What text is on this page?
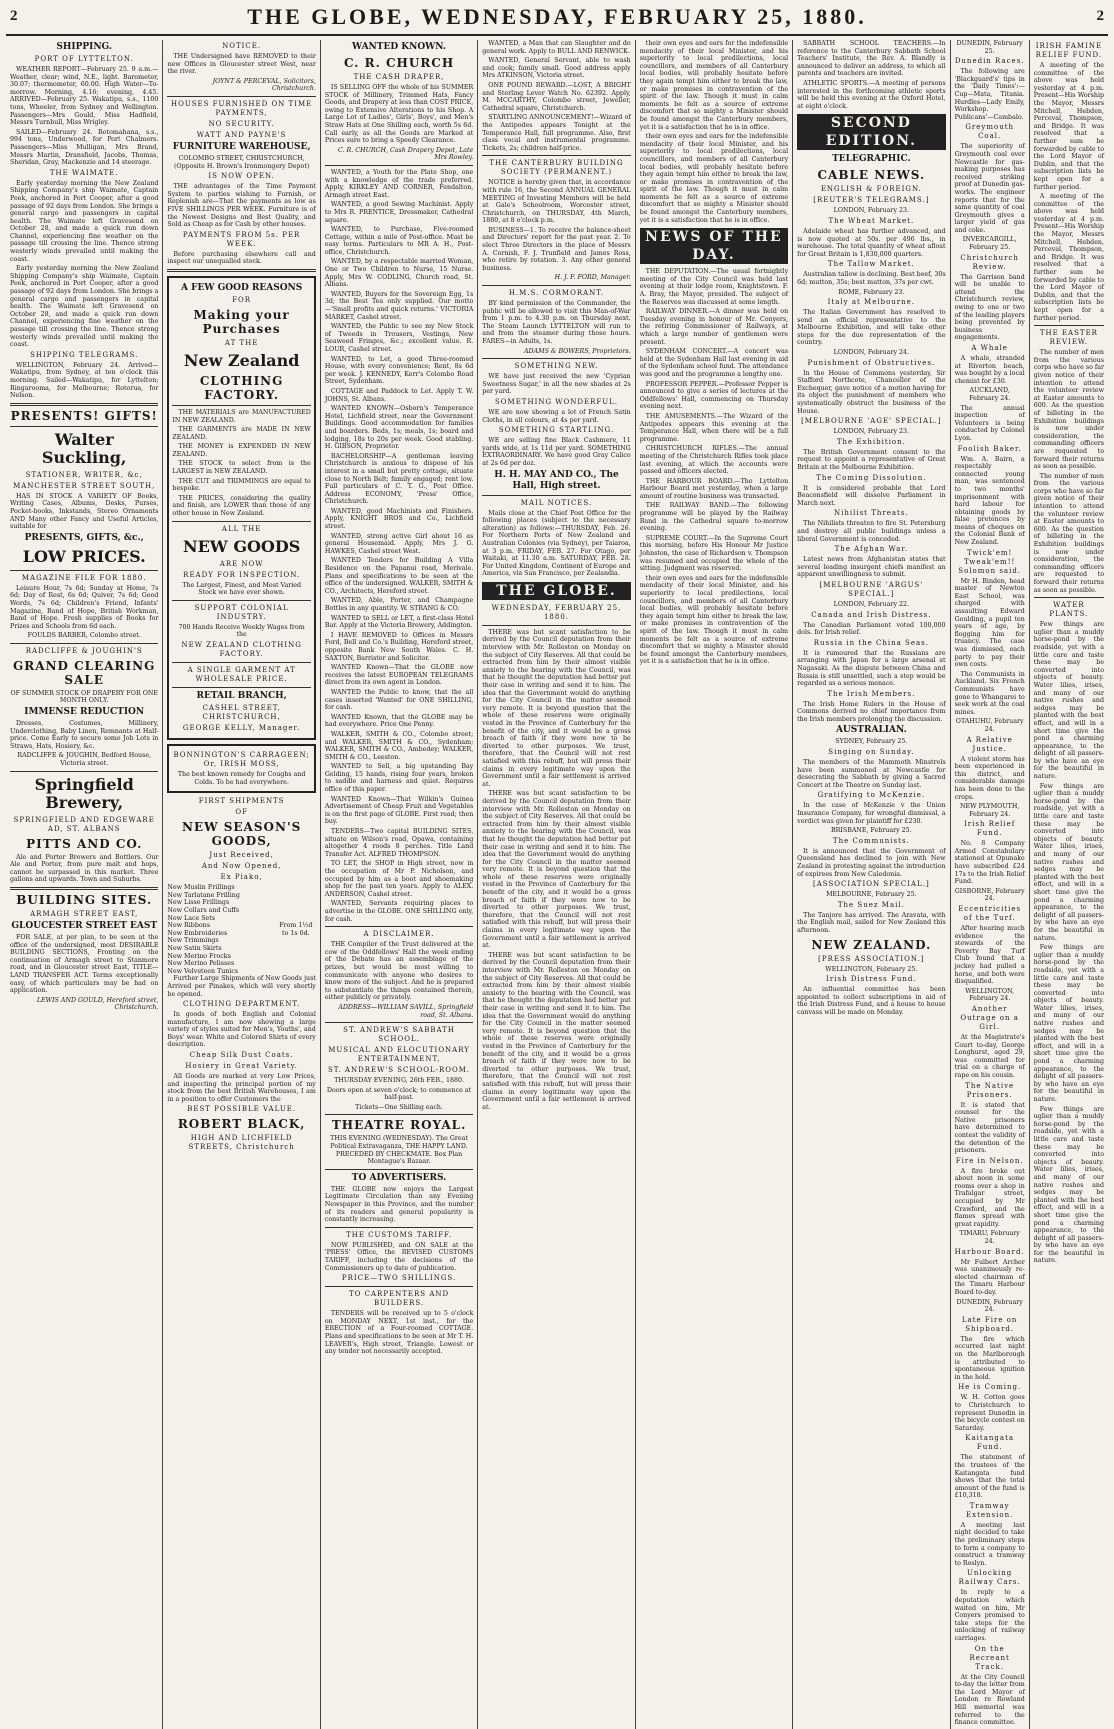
2	THE GLOBE, WEDNESDAY, FEBRUARY 25, 1880.	2
SHIPPING.
PORT OF LYTTELTON.

WEATHER REPORT—February 25. 9 a.m.—Weather, clear; wind, N.E., light. Barometer, 30.07; thermometer, 60.00. High Water—To-morrow. Morning, 4.16; evening, 4.45. ARRIVED—February 25. Wakatipu, s.s., 1100 tons, Wheeler, from Sydney and Wellington. Passengers—Mrs Gould, Miss Hadfield, Messrs Turnbull, Miss Wrigley.

SAILED—February 24. Rotomahana, s.s., 994 tons, Underwood, for Port Chalmers. Passengers—Miss Mulligan, Mrs Brand, Messrs Martin, Dransfield, Jacobs, Thomas, Sheridan, Gray, Mackenzie and 14 steerage.

THE WAIMATE.

Early yesterday morning the New Zealand Shipping Company's ship Waimate, Captain Peek, anchored in Port Cooper, after a good passage of 92 days from London. She brings a general cargo and passengers in capital health. The Waimate left Gravesend on October 28, and made a quick run down Channel, experiencing fine weather on the passage till crossing the line. Thence strong westerly winds prevailed until making the coast.

Early yesterday morning the New Zealand Shipping Company's ship Waimate, Captain Peek, anchored in Port Cooper, after a good passage of 92 days from London. She brings a general cargo and passengers in capital health. The Waimate left Gravesend on October 28, and made a quick run down Channel, experiencing fine weather on the passage till crossing the line. Thence strong westerly winds prevailed until making the coast.

SHIPPING TELEGRAMS.

WELLINGTON, February 24. Arrived—Wakatipu, from Sydney, at ten o'clock this morning. Sailed—Wakatipu, for Lyttelton; Ringarooma, for Melbourne; Rotorua, for Nelson.

PRESENTS! GIFTS!
Walter Suckling,
STATIONER, WRITER, &c,
MANCHESTER STREET SOUTH,

HAS IN STOCK A VARIETY OF Books, Writing Cases, Albums, Desks, Purses, Pocket-books, Inkstands, Stereo Ornaments AND Many other Fancy and Useful Articles, suitable for

PRESENTS, GIFTS, &c.,
LOW PRICES.
MAGAZINE FILE FOR 1880.

Leisure Hour, 7s 6d; Sunday at Home, 7s 6d; Day of Rest, 6s 6d; Quiver, 7s 6d; Good Words, 7s 6d; Children's Friend, Infants' Magazine, Band of Hope, British Workman, Band of Hope. Fresh supplies of Books for Prizes and Schools from 6d each.

FOULDS BARBER, Colombo street.

RADCLIFFE & JOUGHIN'S
GRAND CLEARING SALE

OF SUMMER STOCK OF DRAPERY FOR ONE MONTH ONLY.

IMMENSE REDUCTION

Dresses, Costumes, Millinery, Underclothing, Baby Linen, Remnants at Half-price. Come Early to secure some Job Lots in Straws, Hats, Hosiery, &c.

RADCLIFFE & JOUGHIN, Bedford House, Victoria street.

Springfield Brewery,
SPRINGFIELD AND EDGEWARE AD, ST. ALBANS
PITTS AND CO.

Ale and Porter Brewers and Bottlers. Our Ale and Porter, from pure malt and hops, cannot be surpassed in this market. Three gallons and upwards. Town and Suburbs.

BUILDING SITES.
ARMAGH STREET EAST,
GLOUCESTER STREET EAST

FOR SALE, at per plan, to be seen at the office of the undersigned, most DESIRABLE BUILDING SECTIONS, Fronting on the continuation of Armagh street to Stanmore road, and in Gloucester street East, TITLE—LAND TRANSFER ACT. Terms exceptionally easy, of which particulars may be had on application.

LEWIS AND GOULD, Hereford street, Christchurch.

NOTICE.

THE Undersigned have REMOVED to their new Offices in Gloucester street West, near the river.

JOYNT & PERCEVAL, Solicitors, Christchurch.

HOUSES FURNISHED ON TIME PAYMENTS,
NO SECURITY.
WATT AND PAYNE'S
FURNITURE WAREHOUSE,

COLOMBO STREET, CHRISTCHURCH, (Opposite H. Brown's Ironmongery Depot)

IS NOW OPEN.

THE advantages of the Time Payment System to parties wishing to Furnish, or Replenish are—That the payments as low as FIVE SHILLINGS PER WEEK. Furniture is of the Newest Designs and Best Quality, and Sold as Cheap as for Cash by other houses.

PAYMENTS FROM 5s. PER WEEK.

Before purchasing elsewhere call and inspect our unequalled stock.

A FEW GOOD REASONS
FOR
Making your Purchases
AT THE
New Zealand
CLOTHING FACTORY.

THE MATERIALS are MANUFACTURED IN NEW ZEALAND.

THE GARMENTS are MADE IN NEW ZEALAND.

THE MONEY is EXPENDED IN NEW ZEALAND.

THE STOCK to select from is the LARGEST in NEW ZEALAND.

THE CUT and TRIMMINGS are equal to bespoke.

THE PRICES, considering the quality and finish, are LOWER than those of any other house in New Zealand.

ALL THE
NEW GOODS
ARE NOW
READY FOR INSPECTION.

The Largest, Finest, and Most Varied Stock we have ever shown.

SUPPORT COLONIAL INDUSTRY.

700 Hands Receive Weekly Wages from the

NEW ZEALAND CLOTHING FACTORY.
A SINGLE GARMENT AT WHOLESALE PRICE.
RETAIL BRANCH,
CASHEL STREET, CHRISTCHURCH,
GEORGE KELLY, Manager.
BONNINGTON'S CARRAGEEN; Or, IRISH MOSS,

The best known remedy for Coughs and Colds. To be had everywhere.

FIRST SHIPMENTS
OF
NEW SEASON'S GOODS,
Just Received,
And Now Opened,
Ex Piako,
New Muslin Frillings
New Tarlatane Frilling
New Lisse Frillings
New Collars and Cuffs
New Lace Sets
New Ribbons
New Embroideries
New Trimmings
New Satin Skirts
New Merino Frocks
New Merino Pelisses
New Velveteen Tunics
From 1½d to 1s 6d.

Further Large Shipments of New Goods just Arrived per Pinakes, which will very shortly be opened.

CLOTHING DEPARTMENT.

In goods of both English and Colonial manufacture, I am now showing a large variety of styles suited for Men's, Youths', and Boys' wear. White and Colored Shirts of every description.

Cheap Silk Dust Coats.
Hosiery in Great Variety.

All Goods are marked at very Low Prices, and inspecting the principal portion of my stock from the best British Warehouses, I am in a position to offer Customers the

BEST POSSIBLE VALUE.
ROBERT BLACK,
HIGH AND LICHFIELD STREETS, Christchurch
WANTED KNOWN.
C. R. CHURCH
THE CASH DRAPER,

IS SELLING OFF the whole of his SUMMER STOCK of Millinery, Trimmed Hats, Fancy Goods, and Drapery at less than COST PRICE, owing to Extensive Alterations to his Shop. A Large Lot of Ladies', Girls', Boys', and Men's Straw Hats at One Shilling each, worth 5s 6d. Call early, as all the Goods are Marked at Prices sure to bring a Speedy Clearance.

C. R. CHURCH, Cash Drapery Depot, Late Mrs Rowley.

WANTED, a Youth for the Plate Shop, one with a knowledge of the trade preferred. Apply, KIRKLEY AND CORNER, Fendalton, Armagh street East.

WANTED, a good Sewing Machinist. Apply to Mrs R. PRENTICE, Dressmaker, Cathedral square.

WANTED, to Purchase, Five-roomed Cottage, within a mile of Post-office. Must be easy terms. Particulars to MR A. H., Post-office, Christchurch.

WANTED, by a respectable married Woman, One or Two Children to Nurse, 15 Nurse. Apply, Mrs W. CODLING, Church road, St. Albans.

WANTED, Buyers for the Sovereign Egg, 1s 3d; the Best Tea only supplied. Our motto—'Small profits and quick returns.' VICTORIA MARKET, Cashel street.

WANTED, the Public to see my New Stock of Tweeds in Trousers, Vestings, New Seaweed Fringes, &c.; excellent value. R. LOUR, Cashel street.

WANTED, to Let, a good Three-roomed House, with every convenience; Rent, 8s 6d per week. J. KENNEDY, Kerr's Colombo Road Street, Sydenham.

COTTAGE and Paddock to Let. Apply T. W. JOHNS, St. Albans.

WANTED KNOWN—Osborn's Temperance Hotel, Lichfield street, near the Government Buildings. Good accommodation for families and boarders. Beds, 1s; meals, 1s; board and lodging, 18s to 20s per week. Good stabling. H. GIBSON, Proprietor.

BACHELORSHIP—A gentleman leaving Christchurch is anxious to dispose of his interest in a small but pretty cottage, situate close to North Belt; family engaged; rent low. Full particulars of C. T. G., Post Office. Address ECONOMY, 'Press' Office, Christchurch.

WANTED, good Machinists and Finishers. Apply, KNIGHT BROS and Co., Lichfield street.

WANTED, strong active Girl about 16 as general Housemaid. Apply, Mrs J. G. HAWKES, Cashel street West.

WANTED Tenders for Building A Villa Residence on the Papanui road, Merivale. Plans and specifications to be seen at the office of the undersigned. WALKER, SMITH & CO., Architects, Hereford street.

WANTED, Able, Porter, and Champagne Bottles in any quantity. W. STRANG & CO.

WANTED to SELL or LET, a first-class Hotel Bar. Apply at the Victoria Brewery, Addington.

I HAVE REMOVED to Offices in Messrs Ford, Bell and Co.'s Building, Hereford street, opposite Bank New South Wales. C. H. SAXTON, Barrister and Solicitor.

WANTED Known—That the GLOBE now receives the latest EUROPEAN TELEGRAMS direct from its own agent in London.

WANTED the Public to know, that the all cases inserted 'Wanted' for ONE SHILLING, for cash.

WANTED Known, that the GLOBE may be had everywhere. Price One Penny.

WALKER, SMITH & CO., Colombo street; and WALKER, SMITH & CO., Sydenham; WALKER, SMITH & CO., Ambedey; WALKER, SMITH & CO., Leeston.

WANTED to Sell, a big upstanding Bay Gelding, 15 hands, rising four years, broken to saddle and harness and quiet. Requires office of this paper.

WANTED Known—That Wilkin's Guinea Advertisement of Cheap Fruit and Vegetables is on the first page of GLOBE. First read; then buy.

TENDERS—Two capital BUILDING SITES, situate on Wilson's road, Opawa, containing altogether 4 roods 8 perches. Title Land Transfer Act. ALFRED THOMPSON.

TO LET, the SHOP in High street, now in the occupation of Mr P. Nicholson, and occupied by him as a boot and shoemaking shop for the past ten years. Apply to ALEX. ANDERSON, Cashel street.

WANTED, Servants requiring places to advertise in the GLOBE. ONE SHILLING only, for cash.

A DISCLAIMER.

THE Compiler of the Trust delivered at the cow of the Oddfellows' Hall the week ending of the Debate has an assemblage of the prizes, but would be most willing to communicate with anyone who desires to know more of the subject. And he is prepared to substantiate the things contained therein, either publicly or privately.

ADDRESS—WILLIAM SAVILL, Springfield road, St. Albans.

ST. ANDREW'S SABBATH SCHOOL.
MUSICAL AND ELOCUTIONARY ENTERTAINMENT,
ST. ANDREW'S SCHOOL-ROOM.

THURSDAY EVENING, 26th FEB., 1880.

Doors open at seven o'clock; to commence at half-past.

Tickets—One Shilling each.

THEATRE ROYAL.

THIS EVENING (WEDNESDAY). The Great Political Extravaganza, THE HAPPY LAND. PRECEDED BY CHECKMATE. Box Plan Montague's Bazaar.

TO ADVERTISERS.

THE GLOBE now enjoys the Largest Legitimate Circulation than any Evening Newspaper in this Province, and the number of its readers and general popularity is constantly increasing.

THE CUSTOMS TARIFF.

NOW PUBLISHED, and ON SALE at the 'PRESS' Office, the REVISED CUSTOMS TARIFF, including the decisions of the Commissioners up to date of publication.

PRICE—TWO SHILLINGS.
TO CARPENTERS AND BUILDERS.

TENDERS will be received up to 5 o'clock on MONDAY NEXT, 1st inst., for the ERECTION of a Four-roomed COTTAGE. Plans and specifications to be seen at Mr T. H. LEAVER's, High street, Triangle. Lowest or any tender not necessarily accepted.

WANTED, a Man that can Slaughter and do general work. Apply to BULL AND RENWICK.

WANTED, General Servant, able to wash and cook; family small. Good address apply Mrs ATKINSON, Victoria street.

ONE POUND REWARD.—LOST, A BRIGHT and Sterling Lever Watch No. 62392. Apply, M. MCCARTHY, Colombo street, Jeweller, Cathedral square, Christchurch.

STARTLING ANNOUNCEMENT!—Wizard of the Antipodes appears Tonight at the Temperance Hall, full programme. Also, first class vocal and instrumental programme. Tickets, 2s; children half-price.

THE CANTERBURY BUILDING SOCIETY (PERMANENT.)

NOTICE is hereby given that, in accordance with rule 16, the Second ANNUAL GENERAL MEETING of Investing Members will be held at Gale's Schoolroom, Worcester street, Christchurch, on THURSDAY, 4th March, 1880, at 8 o'clock p.m.

BUSINESS—1. To receive the balance-sheet and Directors' report for the past year. 2. To elect Three Directors in the place of Messrs A. Cornish, F. J. Trunfield and James Ross, who retire by rotation. 3. Any other general business.

H. J. F. FORD, Manager.

H.M.S. CORMORANT.

BY kind permission of the Commander, the public will be allowed to visit this Man-of-War from 1 p.m. to 4.30 p.m. on Thursday next. The Steam Launch LYTTELTON will run to and from the steamer during those hours. FARES—in Adults, 1s.

ADAMS & BOWERS, Proprietors.

SOMETHING NEW.

WE have just received the new 'Cyprian Sweetness Sugar,' in all the new shades at 2s per yard.

SOMETHING WONDERFUL.

WE are now showing a lot of French Satin Cloths, in all colours, at 4s per yard.

SOMETHING STARTLING.

WE are selling fine Black Cashmere, 11 yards wide, at 1s 11d per yard. SOMETHING EXTRAORDINARY. We have good Gray Calico at 2s 6d per doz.

H. H. MAY AND CO., The Hall, High street.
MAIL NOTICES.

Mails close at the Chief Post Office for the following places (subject to the necessary alteration) as follows:—THURSDAY, Feb. 26. For Northern Ports of New Zealand and Australian Colonies (via Sydney), per Taiaroa, at 3 p.m. FRIDAY, FEB. 27. For Otago, per Waitaki, at 11.30 a.m. SATURDAY, FEB. 28. For United Kingdom, Continent of Europe and America, via San Francisco, per Zealandia.

THE GLOBE.
WEDNESDAY, FEBRUARY 25, 1880.

THERE was but scant satisfaction to be derived by the Council deputation from their interview with Mr. Rolleston on Monday on the subject of City Reserves. All that could be extracted from him by their almost visible anxiety to the hearing with the Council, was that he thought the deputation had better put their case in writing and send it to him. The idea that the Government would do anything for the City Council in the matter seemed very remote. It is beyond question that the whole of these reserves were originally vested in the Province of Canterbury for the benefit of the city, and it would be a gross breach of faith if they were now to be diverted to other purposes. We trust, therefore, that the Council will not rest satisfied with this rebuff, but will press their claims in every legitimate way upon the Government until a fair settlement is arrived at.

THERE was but scant satisfaction to be derived by the Council deputation from their interview with Mr. Rolleston on Monday on the subject of City Reserves. All that could be extracted from him by their almost visible anxiety to the hearing with the Council, was that he thought the deputation had better put their case in writing and send it to him. The idea that the Government would do anything for the City Council in the matter seemed very remote. It is beyond question that the whole of these reserves were originally vested in the Province of Canterbury for the benefit of the city, and it would be a gross breach of faith if they were now to be diverted to other purposes. We trust, therefore, that the Council will not rest satisfied with this rebuff, but will press their claims in every legitimate way upon the Government until a fair settlement is arrived at.

THERE was but scant satisfaction to be derived by the Council deputation from their interview with Mr. Rolleston on Monday on the subject of City Reserves. All that could be extracted from him by their almost visible anxiety to the hearing with the Council, was that he thought the deputation had better put their case in writing and send it to him. The idea that the Government would do anything for the City Council in the matter seemed very remote. It is beyond question that the whole of these reserves were originally vested in the Province of Canterbury for the benefit of the city, and it would be a gross breach of faith if they were now to be diverted to other purposes. We trust, therefore, that the Council will not rest satisfied with this rebuff, but will press their claims in every legitimate way upon the Government until a fair settlement is arrived at.

their own eyes and ears for the indefensible mendacity of their local Minister, and his superiority to local predilections, local councillors, and members of all Canterbury local bodies, will probably hesitate before they again tempt him either to break the law, or make promises in contravention of the spirit of the law. Though it must in calm moments be felt as a source of extreme discomfort that so mighty a Minister should be found amongst the Canterbury members, yet it is a satisfaction that he is in office.

their own eyes and ears for the indefensible mendacity of their local Minister, and his superiority to local predilections, local councillors, and members of all Canterbury local bodies, will probably hesitate before they again tempt him either to break the law, or make promises in contravention of the spirit of the law. Though it must in calm moments be felt as a source of extreme discomfort that so mighty a Minister should be found amongst the Canterbury members, yet it is a satisfaction that he is in office.

NEWS OF THE DAY.

THE DEPUTATION.—The usual fortnightly meeting of the City Council was held last evening at their lodge room, Knightstown. F. A. Bray, the Mayor, presided. The subject of the Reserves was discussed at some length.

RAILWAY DINNER.—A dinner was held on Tuesday evening in honour of Mr. Conyers, the retiring Commissioner of Railways, at which a large number of gentlemen were present.

SYDENHAM CONCERT.—A concert was held at the Sydenham Hall last evening in aid of the Sydenham school fund. The attendance was good and the programme a lengthy one.

PROFESSOR PEPPER.—Professor Pepper is announced to give a series of lectures at the Oddfellows' Hall, commencing on Thursday evening next.

THE AMUSEMENTS.—The Wizard of the Antipodes appears this evening at the Temperance Hall, when there will be a full programme.

CHRISTCHURCH RIFLES.—The annual meeting of the Christchurch Rifles took place last evening, at which the accounts were passed and officers elected.

THE HARBOUR BOARD.—The Lyttelton Harbour Board met yesterday, when a large amount of routine business was transacted.

THE RAILWAY BAND.—The following programme will be played by the Railway Band in the Cathedral square to-morrow evening.

SUPREME COURT.—In the Supreme Court this morning, before His Honour Mr Justice Johnston, the case of Richardson v. Thompson was resumed and occupied the whole of the sitting. Judgment was reserved.

their own eyes and ears for the indefensible mendacity of their local Minister, and his superiority to local predilections, local councillors, and members of all Canterbury local bodies, will probably hesitate before they again tempt him either to break the law, or make promises in contravention of the spirit of the law. Though it must in calm moments be felt as a source of extreme discomfort that so mighty a Minister should be found amongst the Canterbury members, yet it is a satisfaction that he is in office.

SABBATH SCHOOL TEACHERS.—In reference to the Canterbury Sabbath School Teachers' Institute, the Rev. A. Blandly is announced to deliver an address, to which all parents and teachers are invited.

ATHLETIC SPORTS.—A meeting of persons interested in the forthcoming athletic sports will be held this evening at the Oxford Hotel, at eight o'clock.

SECOND EDITION.
TELEGRAPHIC.
CABLE NEWS.
ENGLISH & FOREIGN.
[REUTER'S TELEGRAMS.]

LONDON, February 23.

The Wheat Market.

Adelaide wheat has further advanced, and is now quoted at 50s. per 496 lbs., in warehouse. The total quantity of wheat afloat for Great Britain is 1,830,000 quarters.

The Tallow Market.

Australian tallow is declining. Best beef, 30s 6d; mutton, 35s; best mutton, 37s per cwt.

ROME, February 23.

Italy at Melbourne.

The Italian Government has resolved to send an official representative to the Melbourne Exhibition, and will take other steps for the due representation of the country.

LONDON, February 24.

Punishment of Obstructives.

In the House of Commons yesterday, Sir Stafford Northcote, Chancellor of the Exchequer, gave notice of a motion having for its object the punishment of members who systematically obstruct the business of the House.

[MELBOURNE 'AGE' SPECIAL.]

LONDON, February 23.

The Exhibition.

The British Government consent to the request to appoint a representative of Great Britain at the Melbourne Exhibition.

The Coming Dissolution.

It is considered probable that Lord Beaconsfield will dissolve Parliament in March next.

Nihilist Threats.

The Nihilists threaten to fire St. Petersburg and destroy all public buildings unless a liberal Government is conceded.

The Afghan War.

Latest news from Afghanistan states that several leading insurgent chiefs manifest an apparent unwillingness to submit.

[MELBOURNE 'ARGUS' SPECIAL.]

LONDON, February 22.

Canada and Irish Distress.

The Canadian Parliament voted 100,000 dols. for Irish relief.

Russia in the China Seas.

It is rumoured that the Russians are arranging with Japan for a large arsenal at Nagasaki. As the dispute between China and Russia is still unsettled, such a step would be regarded as a serious menace.

The Irish Members.

The Irish Home Rulers in the House of Commons derived no chief importance from the Irish members prolonging the discussion.

AUSTRALIAN.

SYDNEY, February 25.

Singing on Sunday.

The members of the Mammoth Minstrels have been summoned at Newcastle for desecrating the Sabbath by giving a Sacred Concert at the Theatre on Sunday last.

Gratifying to McKenzie.

In the case of McKenzie v the Union Insurance Company, for wrongful dismissal, a verdict was given for plaintiff for £230.

BRISBANE, February 25.

The Communists.

It is announced that the Government of Queensland has declined to join with New Zealand in protesting against the introduction of expirees from New Caledonia.

[ASSOCIATION SPECIAL.]

MELBOURNE, February 25.

The Suez Mail.

The Tanjore has arrived. The Aravata, with the English mail, sailed for New Zealand this afternoon.

NEW ZEALAND.
[PRESS ASSOCIATION.]

WELLINGTON, February 25.

Irish Distress Fund.

An influential committee has been appointed to collect subscriptions in aid of the Irish Distress Fund, and a house to house canvass will be made on Monday.

DUNEDIN, February 25.

Dunedin Races.

The following are 'Blackguard's' tips in the 'Daily Times':—Cup—Mata, Titania. Hurdles—Lady Emily, Workshop. Publicans'—Cambalo.

Greymouth Coal.

The superiority of Greymouth coal over Newcastle for gas-making purposes has received striking proof at Dunedin gas-works. The engineer reports that for the same quantity of coal Greymouth gives a larger yield of gas and coke.

INVERCARGILL, February 25.

Christchurch Review.

The Garrison band will be unable to attend the Christchurch review, owing to one or two of the leading players being prevented by business engagements.

A Whale

A whale, stranded at Riverton beach, was bought by a local chemist for £30.

AUCKLAND, February 24.

The annual inspection of Volunteers is being conducted by Colonel Lyon.

Foolish Baker.

Wm. A. Bairn, a respectably connected young man, was sentenced to two months' imprisonment with hard labour for obtaining goods by false pretences by means of cheques on the Colonial Bank of New Zealand.

Twick'em! Tweak'em!! Solomon said.

Mr H. Binden, head master of Newton East School, was charged with assaulting Edward Goulding, a pupil ten years of age, by flogging him for truancy. The case was dismissed, each party to pay their own costs.

The Communists in Auckland. Six French Communists have gone to Whangarei to seek work at the coal mines.

OTAHUHU, February 24.

A Relative Justice.

A violent storm has been experienced in this district, and considerable damage has been done to the crops.

NEW PLYMOUTH, February 24.

Irish Relief Fund.

No. 8 Company Armed Constabulary stationed at Opunake have subscribed £24 17s to the Irish Relief Fund.

GISBORNE, February 24.

Eccentricities of the Turf.

After hearing much evidence the stewards of the Poverty Bay Turf Club found that a jockey had pulled a horse, and both were disqualified.

WELLINGTON, February 24.

Another Outrage on a Girl.

At the Magistrate's Court to-day, George Longhurst, aged 29, was committed for trial on a charge of rape on his cousin.

The Native Prisoners.

It is stated that counsel for the Native prisoners have determined to contest the validity of the detention of the prisoners.

Fire in Nelson.

A fire broke out about noon in some rooms over a shop in Trafalgar street, occupied by Mr Crawford, and the flames spread with great rapidity.

TIMARU, February 24.

Harbour Board.

Mr Fulbert Archer was unanimously re-elected chairman of the Timaru Harbour Board to-day.

DUNEDIN, February 24.

Late Fire on Shipboard.

The fire which occurred last night on the Marlborough is attributed to spontaneous ignition in the hold.

He is Coming.

W. H. Cotton goes to Christchurch to represent Dunedin in the bicycle contest on Saturday.

Kaitangata Fund.

The statement of the trustees of the Kaitangata fund shows that the total amount of the fund is £10,318.

Tramway Extension.

A meeting last night decided to take the preliminary steps to form a company to construct a tramway to Roslyn.

Unlocking Railway Cars.

In reply to a deputation which waited on him, Mr Conyers promised to take steps for the unlocking of railway carriages.

On the Recreant Track.

At the City Council to-day the letter from the Lord Mayor of London re Rowland Hill memorial was referred to the finance committee.

IRISH FAMINE RELIEF FUND.

A meeting of the committee of the above was held yesterday at 4 p.m. Present—His Worship the Mayor, Messrs Mitchell, Hebden, Perceval, Thompson, and Bridge. It was resolved that a further sum be forwarded by cable to the Lord Mayor of Dublin, and that the subscription lists be kept open for a further period.

A meeting of the committee of the above was held yesterday at 4 p.m. Present—His Worship the Mayor, Messrs Mitchell, Hebden, Perceval, Thompson, and Bridge. It was resolved that a further sum be forwarded by cable to the Lord Mayor of Dublin, and that the subscription lists be kept open for a further period.

THE EASTER REVIEW.

The number of men from the various corps who have so far given notice of their intention to attend the volunteer review at Easter amounts to 600. As the question of billeting in the Exhibition buildings is now under consideration, the commanding officers are requested to forward their returns as soon as possible.

The number of men from the various corps who have so far given notice of their intention to attend the volunteer review at Easter amounts to 600. As the question of billeting in the Exhibition buildings is now under consideration, the commanding officers are requested to forward their returns as soon as possible.

WATER PLANTS.

Few things are uglier than a muddy horse-pond by the roadside, yet with a little care and taste these may be converted into objects of beauty. Water lilies, irises, and many of our native rushes and sedges may be planted with the best effect, and will in a short time give the pond a charming appearance, to the delight of all passers-by who have an eye for the beautiful in nature.

Few things are uglier than a muddy horse-pond by the roadside, yet with a little care and taste these may be converted into objects of beauty. Water lilies, irises, and many of our native rushes and sedges may be planted with the best effect, and will in a short time give the pond a charming appearance, to the delight of all passers-by who have an eye for the beautiful in nature.

Few things are uglier than a muddy horse-pond by the roadside, yet with a little care and taste these may be converted into objects of beauty. Water lilies, irises, and many of our native rushes and sedges may be planted with the best effect, and will in a short time give the pond a charming appearance, to the delight of all passers-by who have an eye for the beautiful in nature.

Few things are uglier than a muddy horse-pond by the roadside, yet with a little care and taste these may be converted into objects of beauty. Water lilies, irises, and many of our native rushes and sedges may be planted with the best effect, and will in a short time give the pond a charming appearance, to the delight of all passers-by who have an eye for the beautiful in nature.
